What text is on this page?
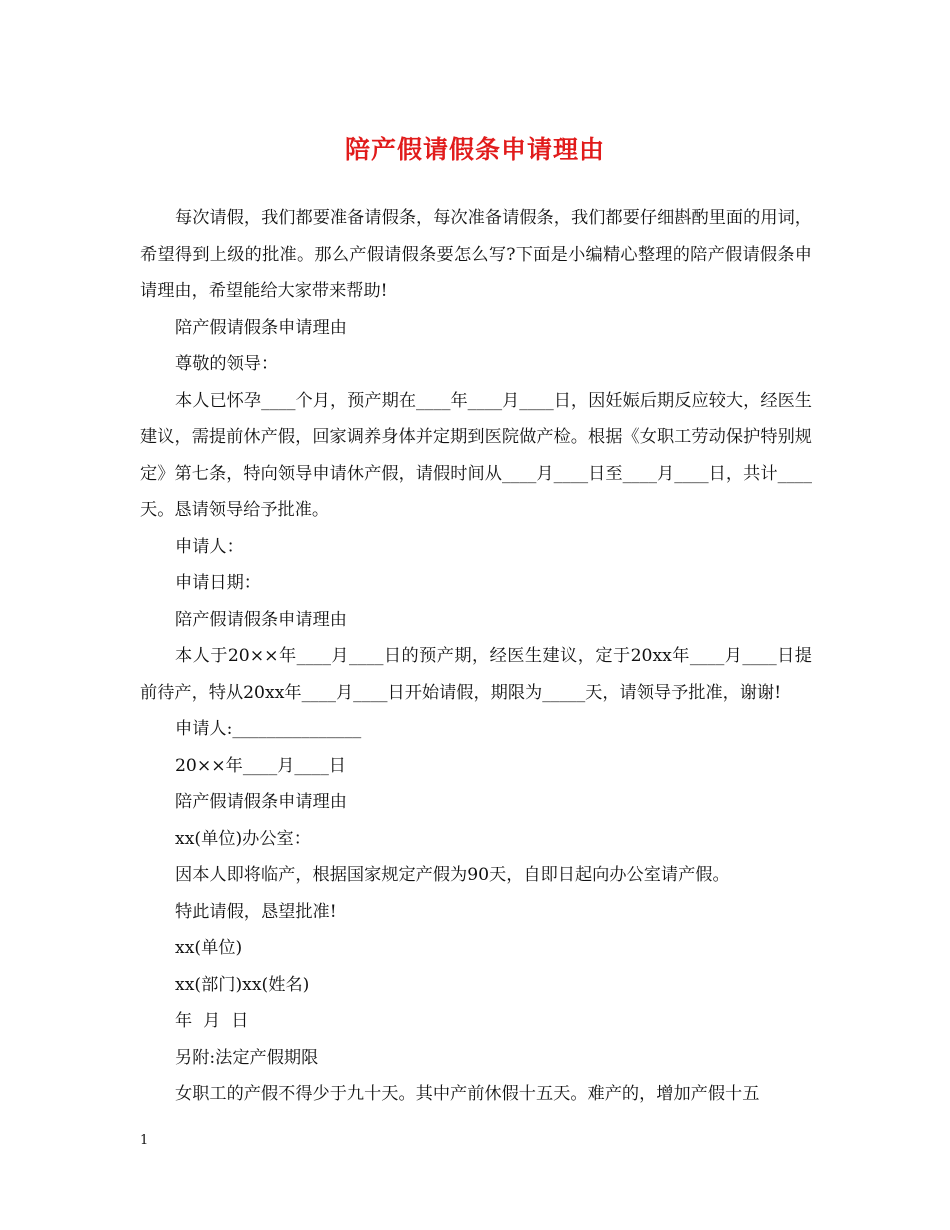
陪产假请假条申请理由

每次请假，我们都要准备请假条，每次准备请假条，我们都要仔细斟酌里面的用词，希望得到上级的批准。那么产假请假条要怎么写?下面是小编精心整理的陪产假请假条申请理由，希望能给大家带来帮助!

陪产假请假条申请理由

尊敬的领导：

本人已怀孕____个月，预产期在____年____月____日，因妊娠后期反应较大，经医生建议，需提前休产假，回家调养身体并定期到医院做产检。根据《女职工劳动保护特别规定》第七条，特向领导申请休产假，请假时间从____月____日至____月____日，共计____天。恳请领导给予批准。

申请人：

申请日期：

陪产假请假条申请理由

本人于20××年____月____日的预产期，经医生建议，定于20xx年____月____日提前待产，特从20xx年____月____日开始请假，期限为_____天，请领导予批准，谢谢!

申请人:_______________

20××年____月____日

陪产假请假条申请理由

xx(单位)办公室：

因本人即将临产，根据国家规定产假为90天，自即日起向办公室请产假。

特此请假，恳望批准!

xx(单位)

xx(部门)xx(姓名)

年  月  日

另附:法定产假期限

女职工的产假不得少于九十天。其中产前休假十五天。难产的，增加产假十五

1
